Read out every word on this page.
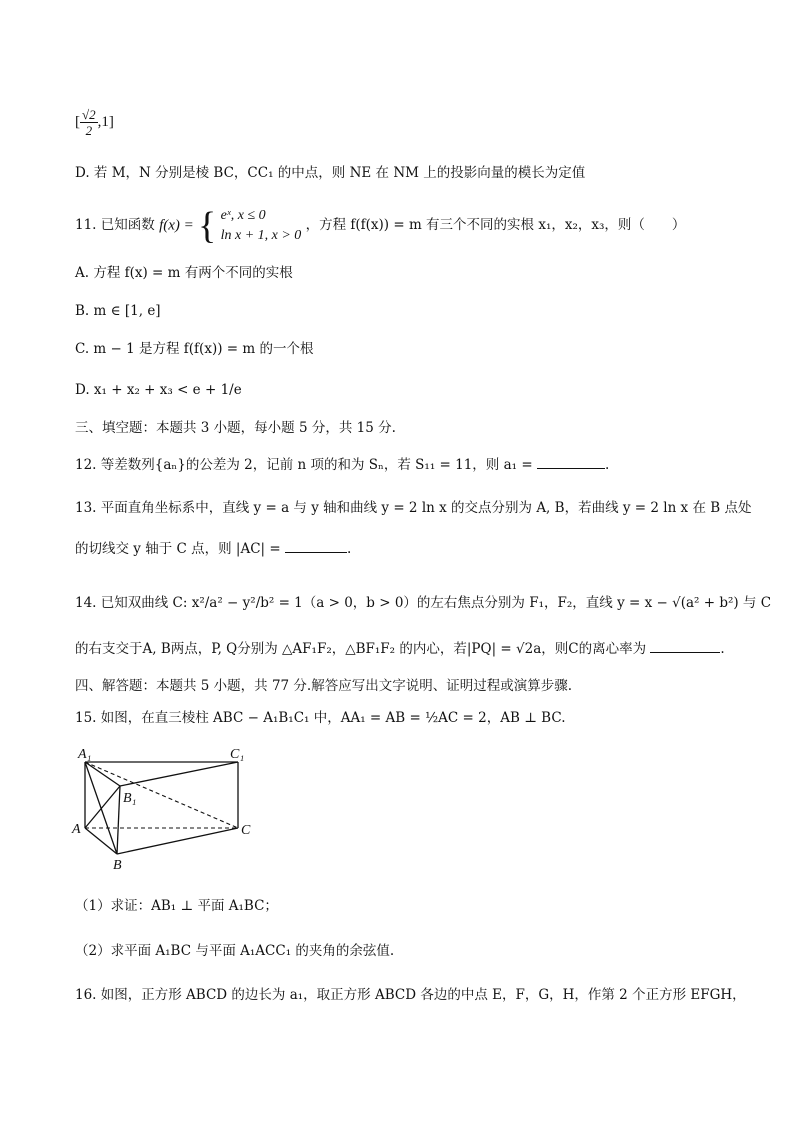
[ $\frac{√2}{2} ,1$]
D. 若 M，N 分别是棱 BC，CC₁ 的中点，则 NE 在 NM 上的投影向量的模长为定值
11. 已知函数 f(x) = { eˣ, x ≤ 0
ln x + 1, x > 0
，方程 f(f(x)) = m 有三个不同的实根 x₁，x₂，x₃，则（　　）
A. 方程 f(x) = m 有两个不同的实根
B. m ∈ [1, e]
C. m − 1 是方程 f(f(x)) = m 的一个根
D. x₁ + x₂ + x₃ < e + 1/e
三、填空题：本题共 3 小题，每小题 5 分，共 15 分.
12. 等差数列{aₙ}的公差为 2，记前 n 项的和为 Sₙ，若 S₁₁ = 11，则 a₁ =	.
13. 平面直角坐标系中，直线 y = a 与 y 轴和曲线 y = 2 ln x 的交点分别为 A, B，若曲线 y = 2 ln x 在 B 点处
的切线交 y 轴于 C 点，则 |AC| =	.
14. 已知双曲线 C: x²/a² − y²/b² = 1（a > 0，b > 0）的左右焦点分别为 F₁，F₂，直线 y = x − √(a² + b²) 与 C
的右支交于A, B两点，P, Q分别为 △AF₁F₂，△BF₁F₂ 的内心，若|PQ| = √2a，则C的离心率为	.
四、解答题：本题共 5 小题，共 77 分.解答应写出文字说明、证明过程或演算步骤.
15. 如图，在直三棱柱 ABC − A₁B₁C₁ 中，AA₁ = AB = ½AC = 2，AB ⊥ BC.
A₁	C₁
B₁
A
B
C
（1）求证：AB₁ ⊥ 平面 A₁BC；
（2）求平面 A₁BC 与平面 A₁ACC₁ 的夹角的余弦值.
16. 如图，正方形 ABCD 的边长为 a₁，取正方形 ABCD 各边的中点 E，F，G，H，作第 2 个正方形 EFGH，
